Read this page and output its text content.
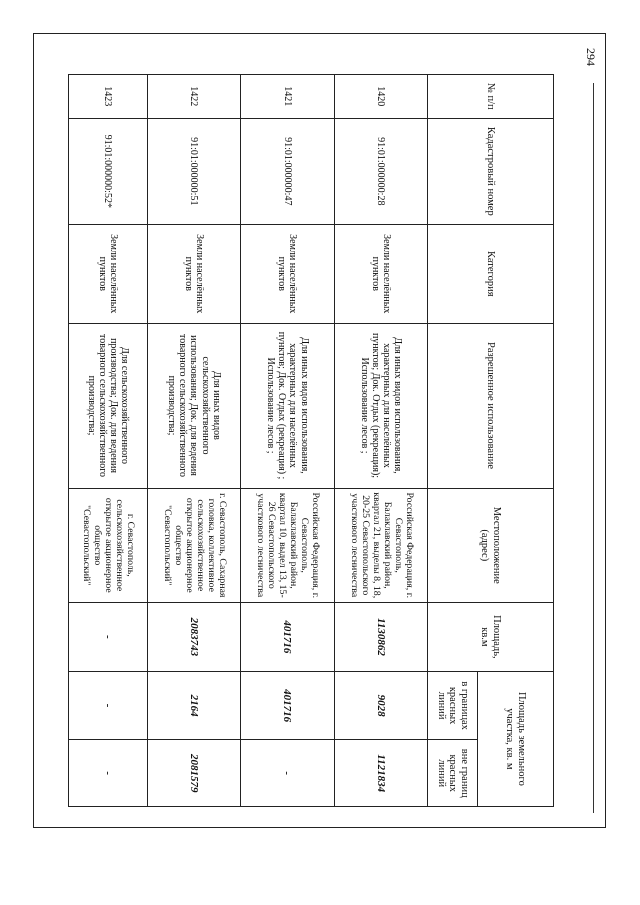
294
№ п/п	Кадастровый номер	Категория	Разрешенное использование	Местоположение (адрес)	Площадь, кв.м	Площадь земельного участка, кв. м	
						в границах красных линий	вне границ красных линий
1420	91:01:000000:28	Земли населённых пунктов	Для иных видов использования, характерных для населённых пунктов; Док. Отдых (рекреация); Использование лесов ;	Российская Федерация, г. Севастополь, Балаклавский район, квартал 21, выделы 8, 18, 20-25 Севастопольского участкового лесничества	1130862	9028	1121834
1421	91:01:000000:47	Земли населённых пунктов	Для иных видов использования, характерных для населённых пунктов; Док. Отдых (рекреация) ; Использование лесов ;	Российская Федерация, г. Севастополь, Балаклавский район, квартал 10, выдел 13, 15-26 Севастопольского участкового лесничества	401716	401716	-
1422	91:01:000000:51	Земли населённых пунктов	Для иных видов сельскохозяйственного использования; Док. для ведения товарного сельскохозяйственного производства;	г. Севастополь, Сахарная головка, коллективное сельскохозяйственное открытое акционерное общество "Севастопольский"	2083743	2164	2081579
1423	91:01:000000:52*	Земли населённых пунктов	Для сельскохозяйственного производства; Док. для ведения товарного сельскохозяйственного производства;	г. Севастополь, сельскохозяйственное открытое акционерное общество "Севастопольский"	-	-	-
